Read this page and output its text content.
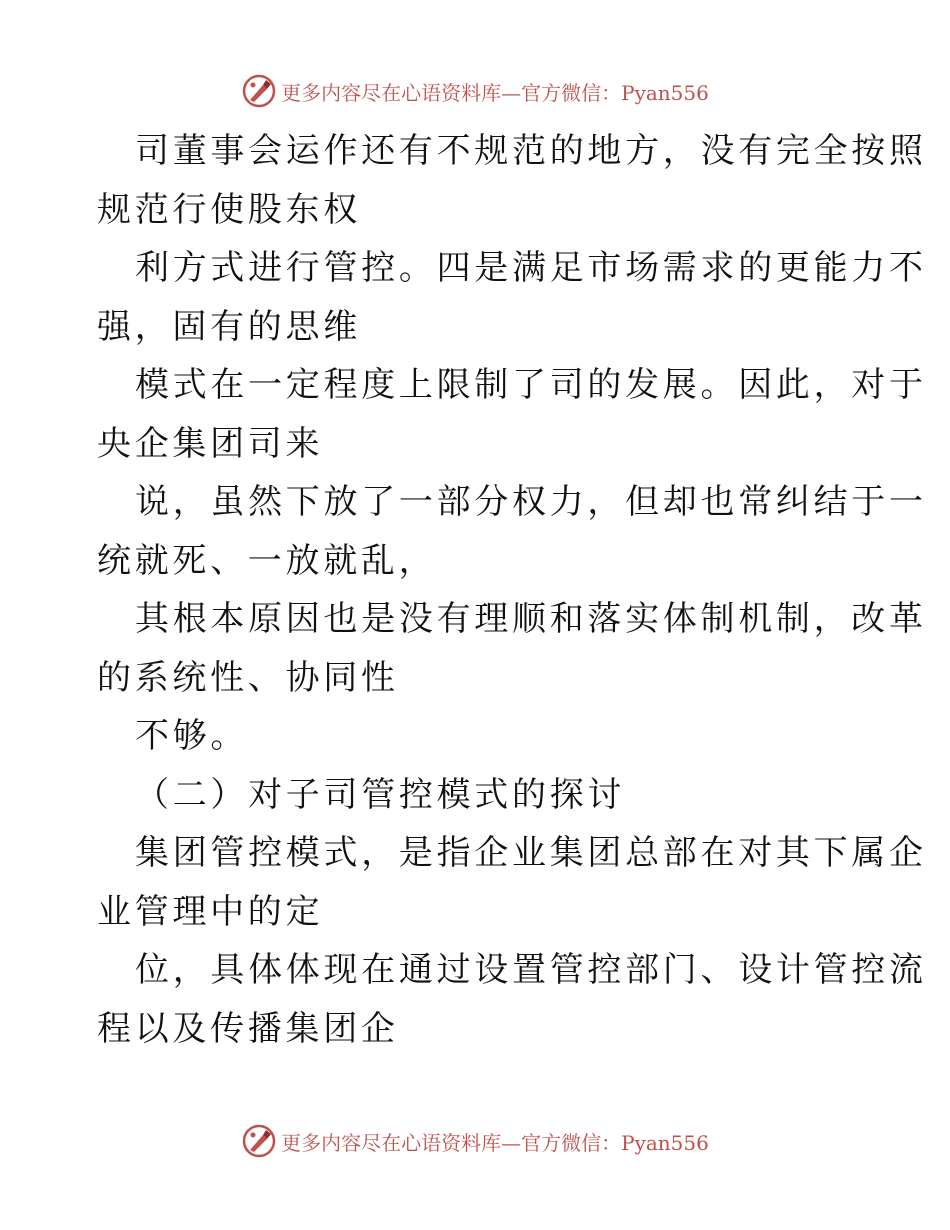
更多内容尽在心语资料库—官方微信：Pyan556
司董事会运作还有不规范的地方，没有完全按照
规范行使股东权
利方式进行管控。四是满足市场需求的更能力不
强，固有的思维
模式在一定程度上限制了司的发展。因此，对于
央企集团司来
说，虽然下放了一部分权力，但却也常纠结于一
统就死、一放就乱，
其根本原因也是没有理顺和落实体制机制，改革
的系统性、协同性
不够。
（二）对子司管控模式的探讨
集团管控模式，是指企业集团总部在对其下属企
业管理中的定
位，具体体现在通过设置管控部门、设计管控流
程以及传播集团企
更多内容尽在心语资料库—官方微信：Pyan556
